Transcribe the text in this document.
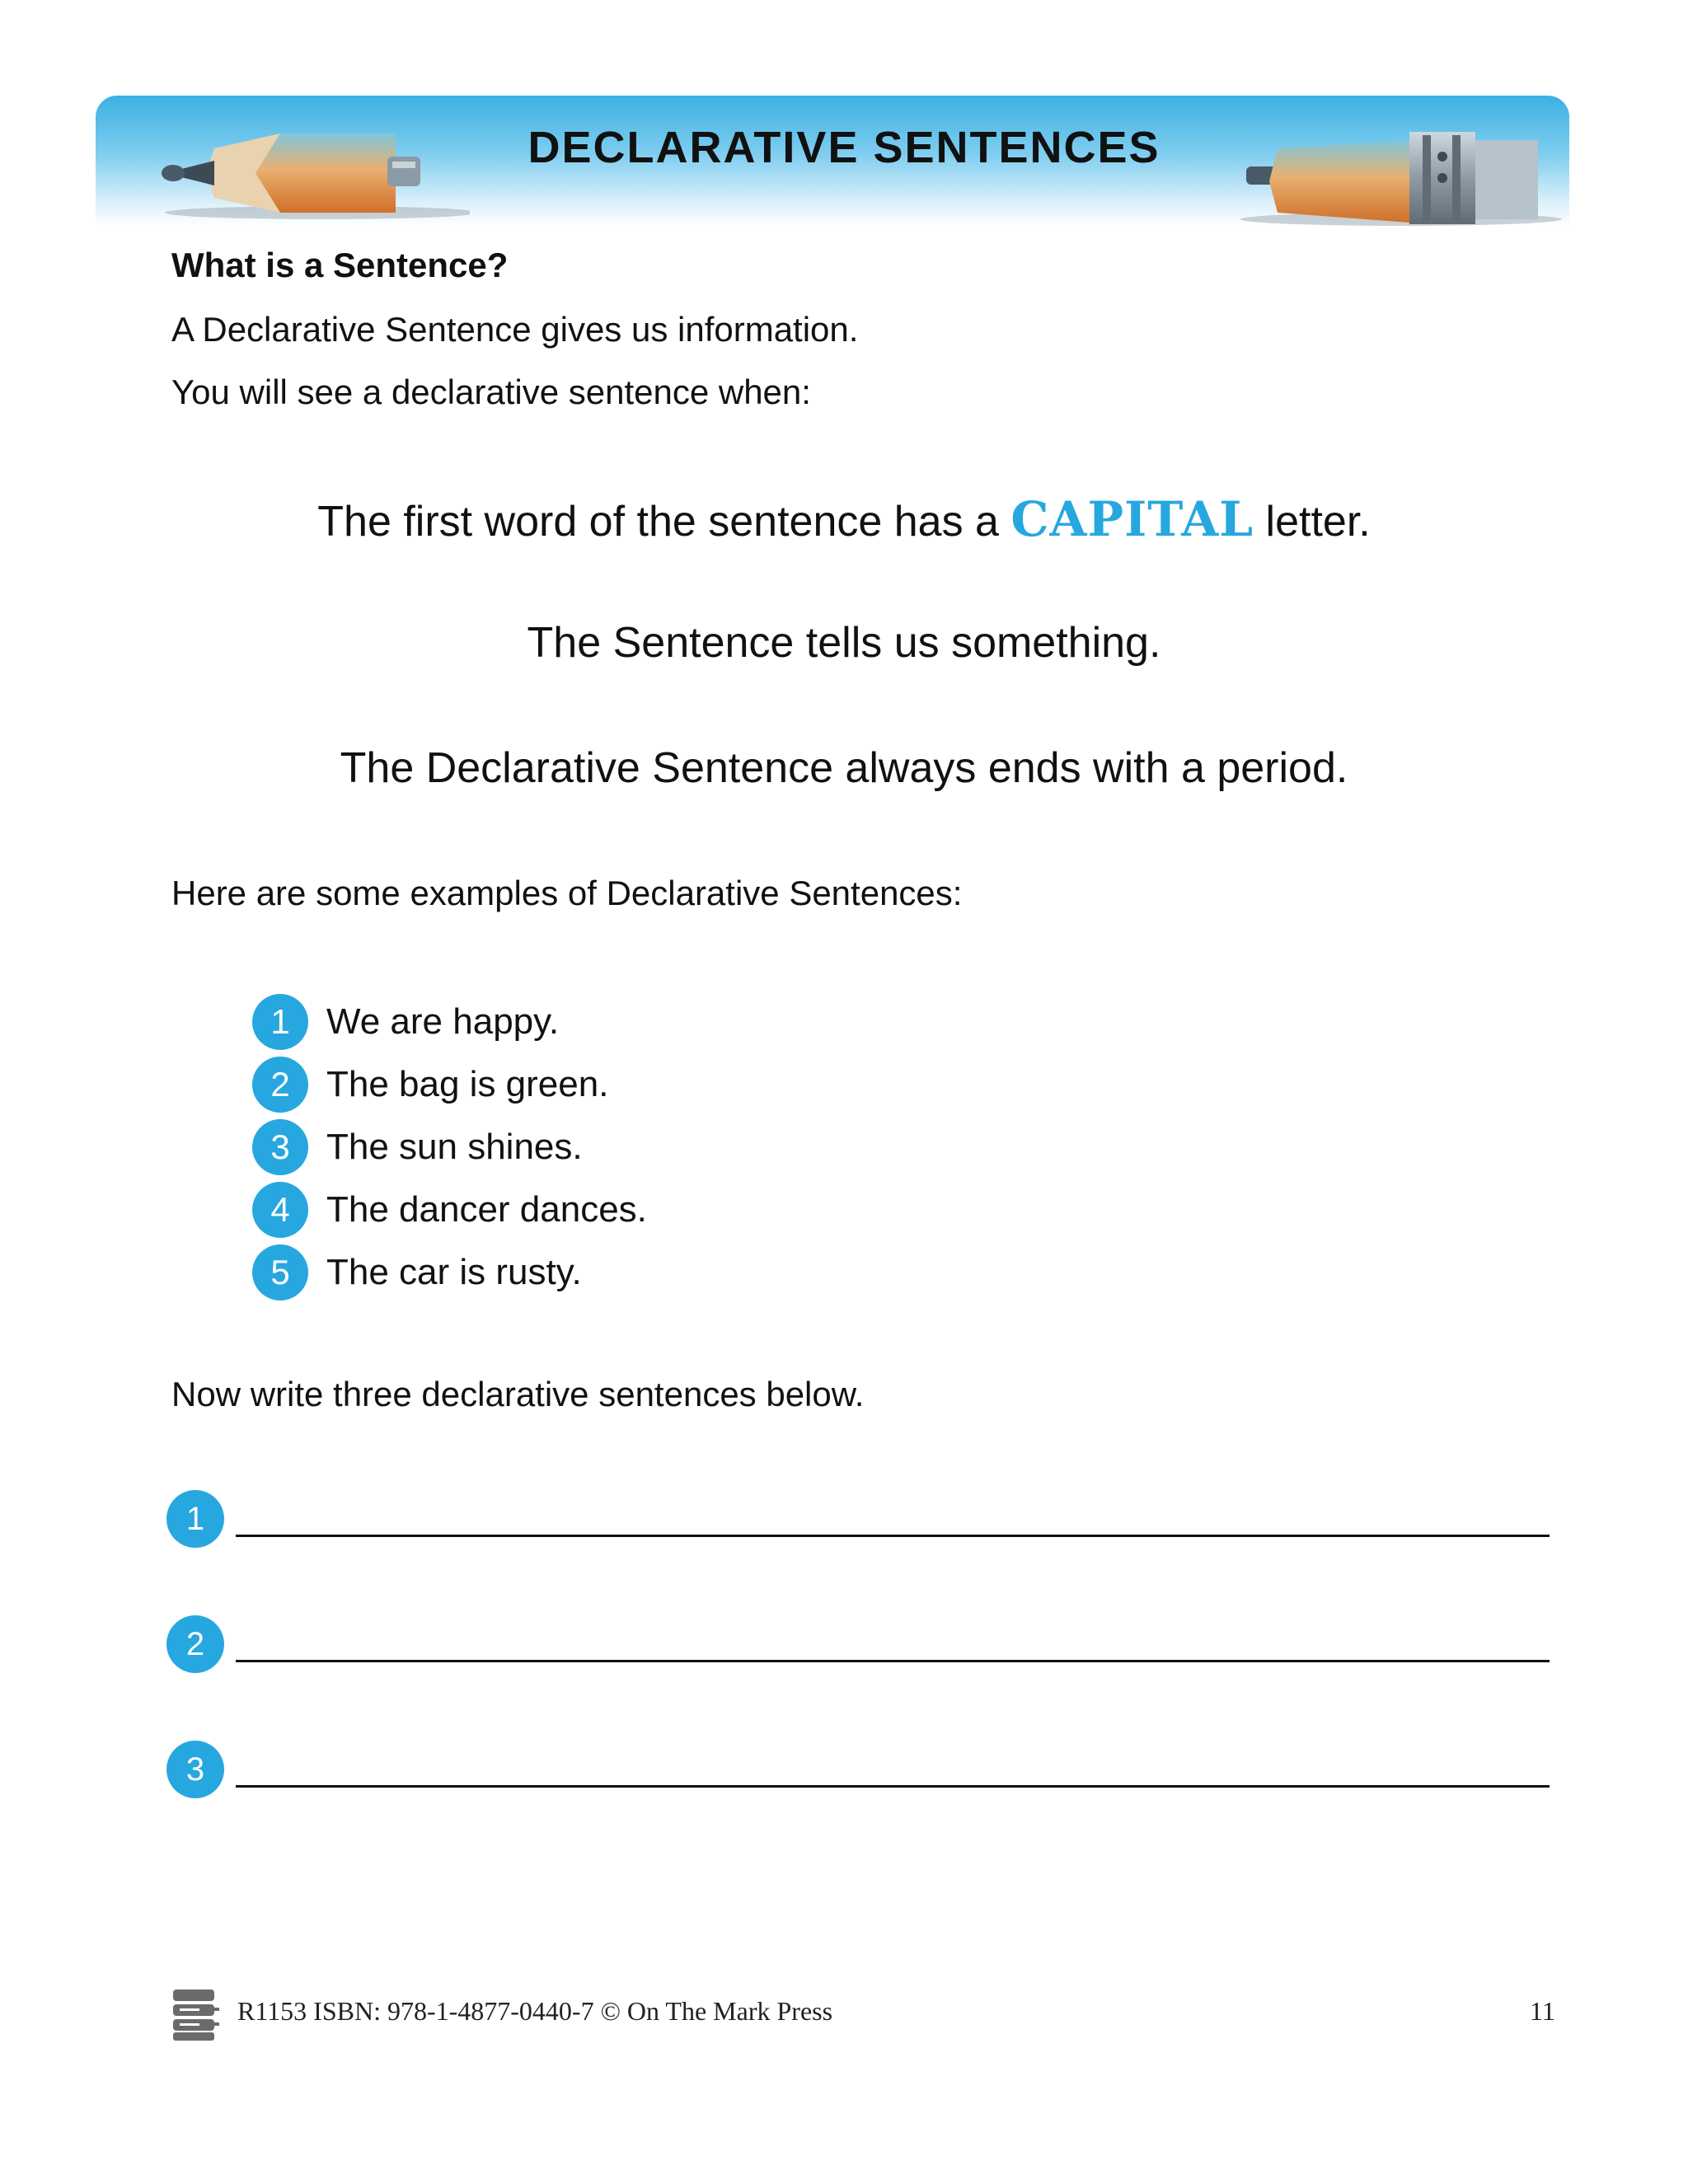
DECLARATIVE SENTENCES
What is a Sentence?
A Declarative Sentence gives us information.
You will see a declarative sentence when:
The first word of the sentence has a CAPITAL letter.
The Sentence tells us something.
The Declarative Sentence always ends with a period.
Here are some examples of Declarative Sentences:
1	We are happy.
2	The bag is green.
3	The sun shines.
4	The dancer dances.
5	The car is rusty.
Now write three declarative sentences below.
1
2
3
R1153 ISBN: 978-1-4877-0440-7 © On The Mark Press	11
